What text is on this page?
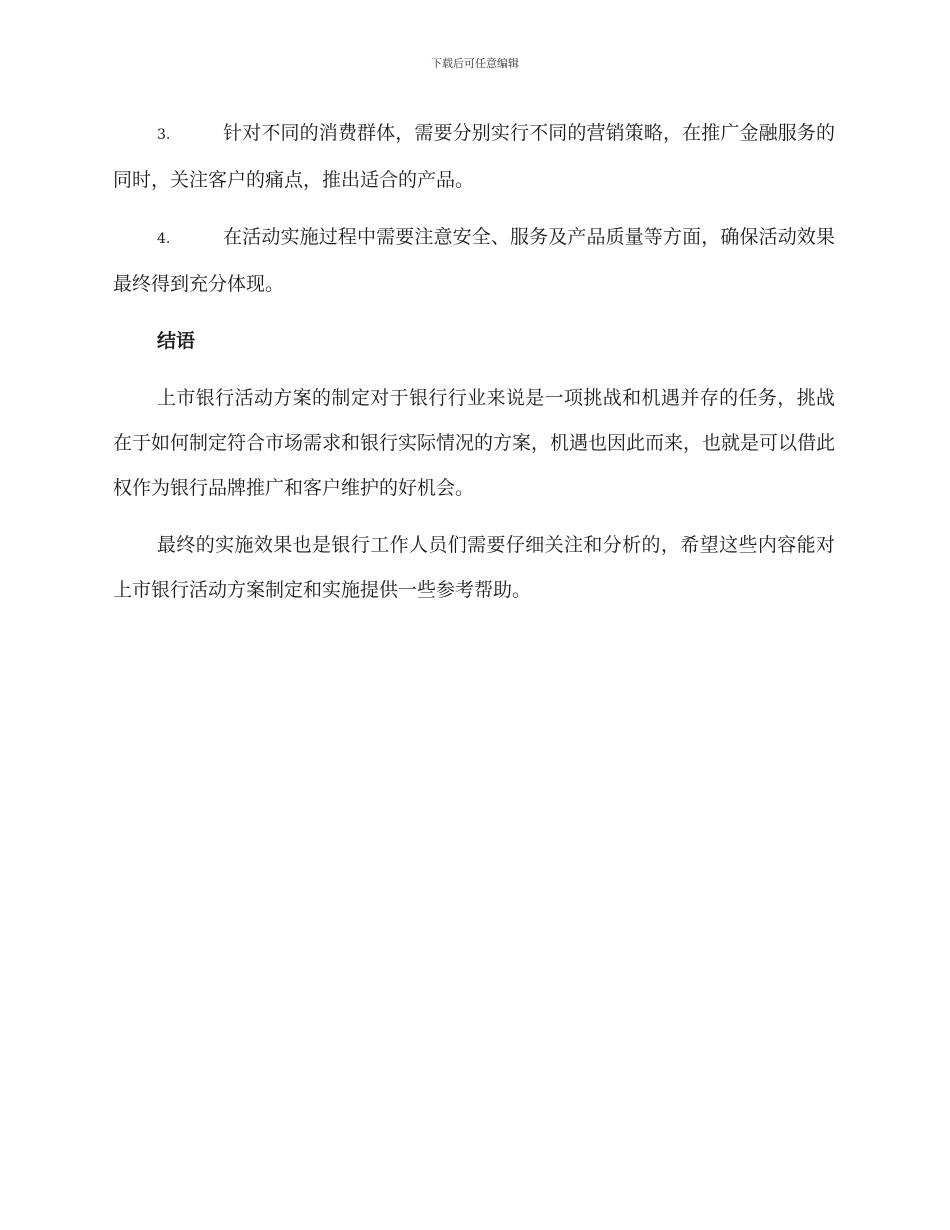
下载后可任意编辑

3.	针对不同的消费群体，需要分别实行不同的营销策略，在推广金融服务的同时，关注客户的痛点，推出适合的产品。

4.	在活动实施过程中需要注意安全、服务及产品质量等方面，确保活动效果最终得到充分体现。

结语

上市银行活动方案的制定对于银行行业来说是一项挑战和机遇并存的任务，挑战在于如何制定符合市场需求和银行实际情况的方案，机遇也因此而来，也就是可以借此权作为银行品牌推广和客户维护的好机会。

最终的实施效果也是银行工作人员们需要仔细关注和分析的，希望这些内容能对上市银行活动方案制定和实施提供一些参考帮助。
